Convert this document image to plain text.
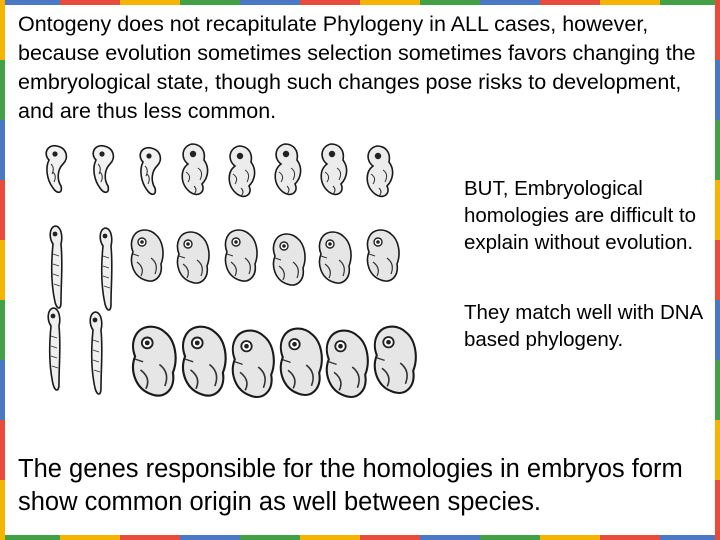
Ontogeny does not recapitulate Phylogeny in ALL cases, however, because evolution sometimes selection sometimes favors changing the embryological state, though such changes pose risks to development, and are thus less common.

BUT, Embryological homologies are difficult to explain without evolution.

They match well with DNA based phylogeny.

The genes responsible for the homologies in embryos form show common origin as well between species.
